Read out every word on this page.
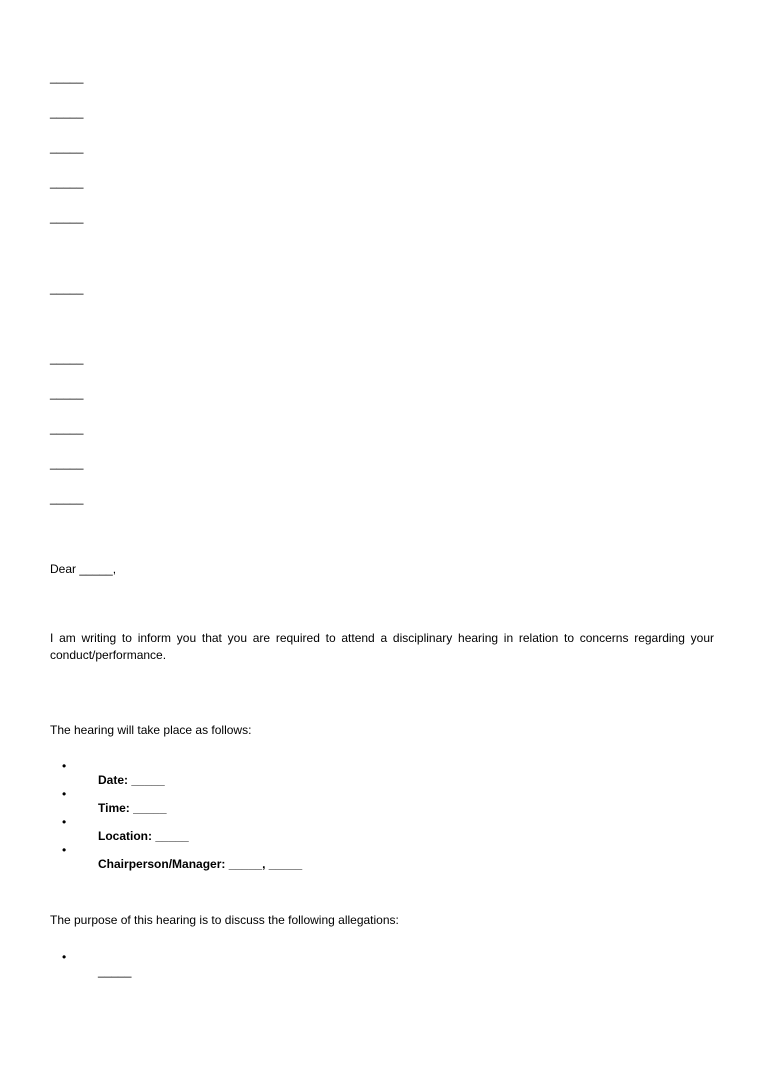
_____
_____
_____
_____
_____
_____
_____
_____
_____
_____
_____
Dear _____,
I am writing to inform you that you are required to attend a disciplinary hearing in relation to concerns regarding your conduct/performance.
The hearing will take place as follows:

•
Date: _____

•
Time: _____

•
Location: _____

•
Chairperson/Manager: _____, _____

The purpose of this hearing is to discuss the following allegations:

•
_____
